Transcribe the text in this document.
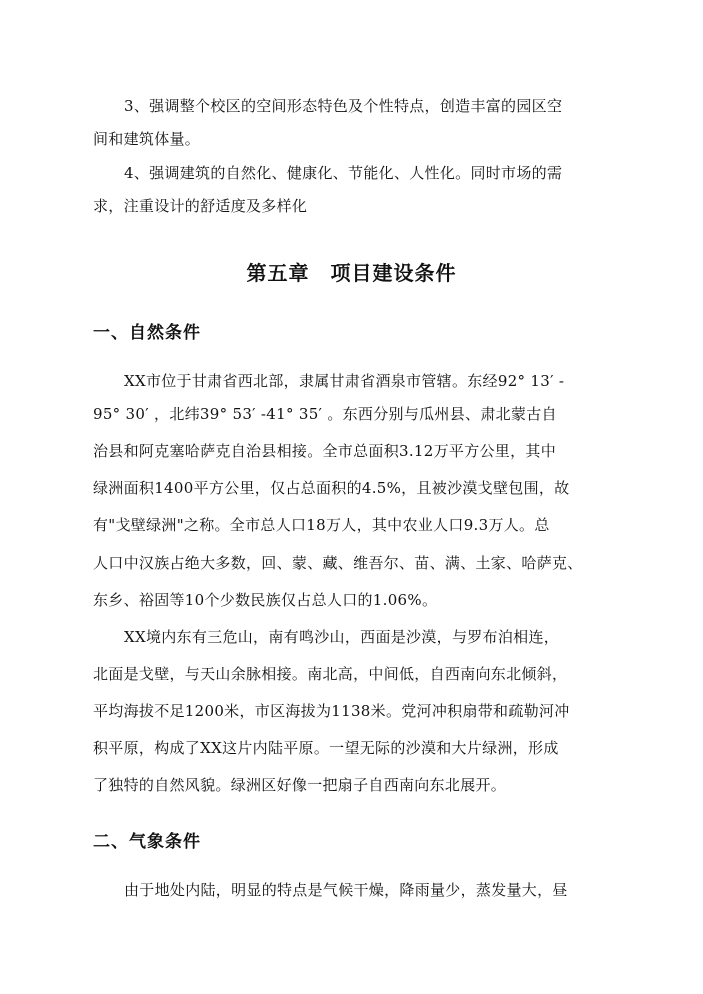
3、强调整个校区的空间形态特色及个性特点，创造丰富的园区空
间和建筑体量。
4、强调建筑的自然化、健康化、节能化、人性化。同时市场的需
求，注重设计的舒适度及多样化
第五章　项目建设条件
一、自然条件
XX市位于甘肃省西北部，隶属甘肃省酒泉市管辖。东经92° 13′ -
95° 30′ ，北纬39° 53′ -41° 35′ 。东西分别与瓜州县、肃北蒙古自
治县和阿克塞哈萨克自治县相接。全市总面积3.12万平方公里，其中
绿洲面积1400平方公里，仅占总面积的4.5%，且被沙漠戈壁包围，故
有"戈壁绿洲"之称。全市总人口18万人，其中农业人口9.3万人。总
人口中汉族占绝大多数，回、蒙、藏、维吾尔、苗、满、土家、哈萨克、
东乡、裕固等10个少数民族仅占总人口的1.06%。
XX境内东有三危山，南有鸣沙山，西面是沙漠，与罗布泊相连，
北面是戈壁，与天山余脉相接。南北高，中间低，自西南向东北倾斜，
平均海拔不足1200米，市区海拔为1138米。党河冲积扇带和疏勒河冲
积平原，构成了XX这片内陆平原。一望无际的沙漠和大片绿洲，形成
了独特的自然风貌。绿洲区好像一把扇子自西南向东北展开。
二、气象条件
由于地处内陆，明显的特点是气候干燥，降雨量少，蒸发量大，昼
